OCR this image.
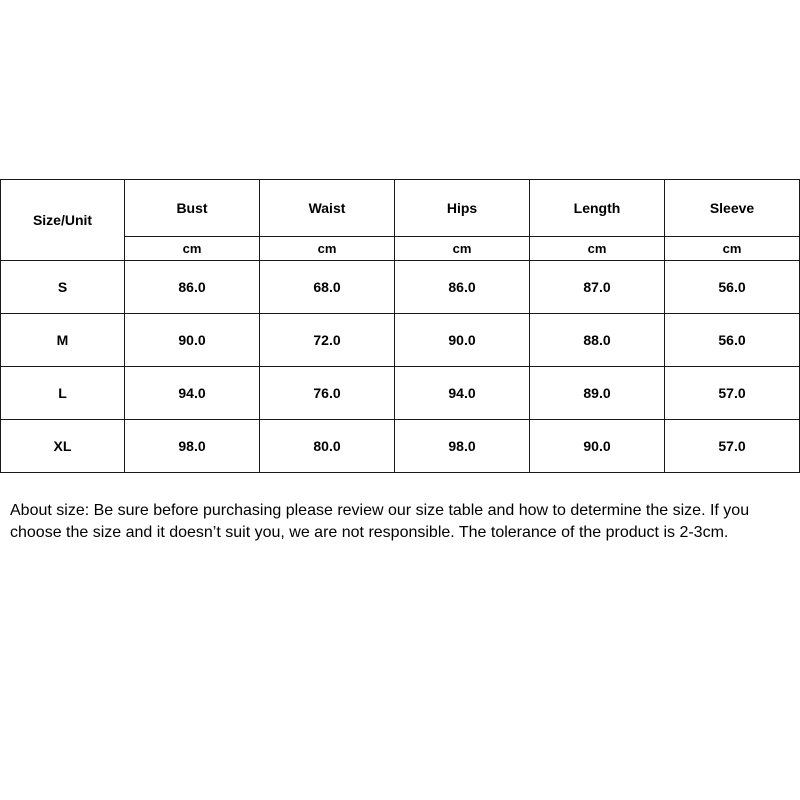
Size/Unit	Bust	Waist	Hips	Length	Sleeve
	cm	cm	cm	cm	cm
S	86.0	68.0	86.0	87.0	56.0
M	90.0	72.0	90.0	88.0	56.0
L	94.0	76.0	94.0	89.0	57.0
XL	98.0	80.0	98.0	90.0	57.0

About size: Be sure before purchasing please review our size table and how to determine the size. If you choose the size and it doesn’t suit you, we are not responsible. The tolerance of the product is 2-3cm.
